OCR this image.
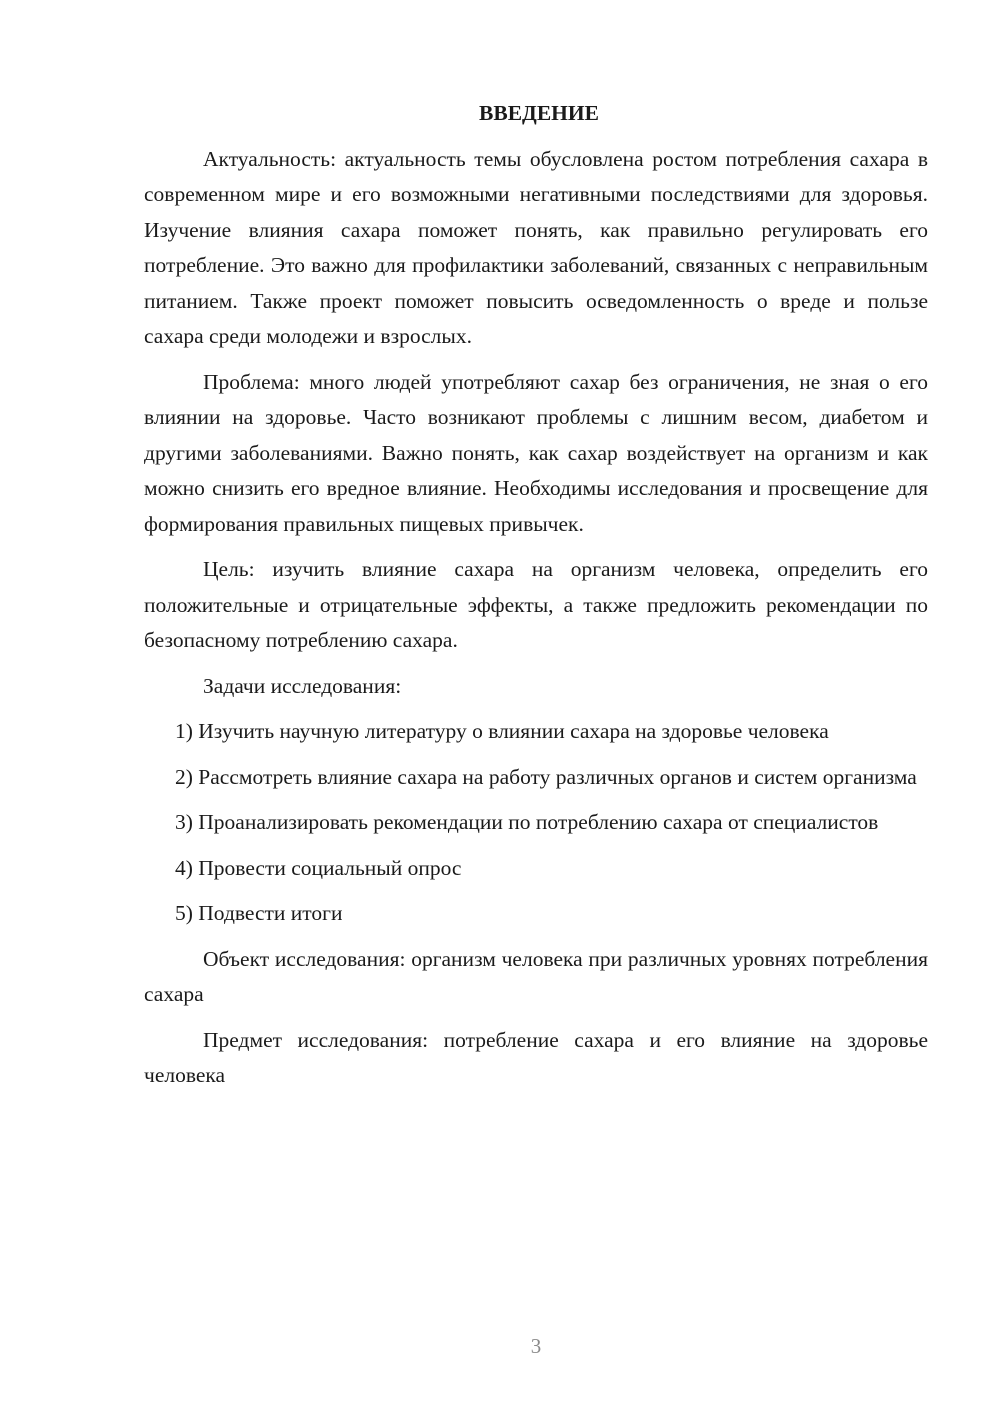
ВВЕДЕНИЕ

Актуальность: актуальность темы обусловлена ростом потребления сахара в современном мире и его возможными негативными последствиями для здоровья. Изучение влияния сахара поможет понять, как правильно регулировать его потребление. Это важно для профилактики заболеваний, связанных с неправильным питанием. Также проект поможет повысить осведомленность о вреде и пользе сахара среди молодежи и взрослых.

Проблема: много людей употребляют сахар без ограничения, не зная о его влиянии на здоровье. Часто возникают проблемы с лишним весом, диабетом и другими заболеваниями. Важно понять, как сахар воздействует на организм и как можно снизить его вредное влияние. Необходимы исследования и просвещение для формирования правильных пищевых привычек.

Цель: изучить влияние сахара на организм человека, определить его положительные и отрицательные эффекты, а также предложить рекомендации по безопасному потреблению сахара.

Задачи исследования:

1) Изучить научную литературу о влиянии сахара на здоровье человека

2) Рассмотреть влияние сахара на работу различных органов и систем организма

3) Проанализировать рекомендации по потреблению сахара от специалистов

4) Провести социальный опрос

5) Подвести итоги

Объект исследования: организм человека при различных уровнях потребления сахара

Предмет исследования: потребление сахара и его влияние на здоровье человека

3
